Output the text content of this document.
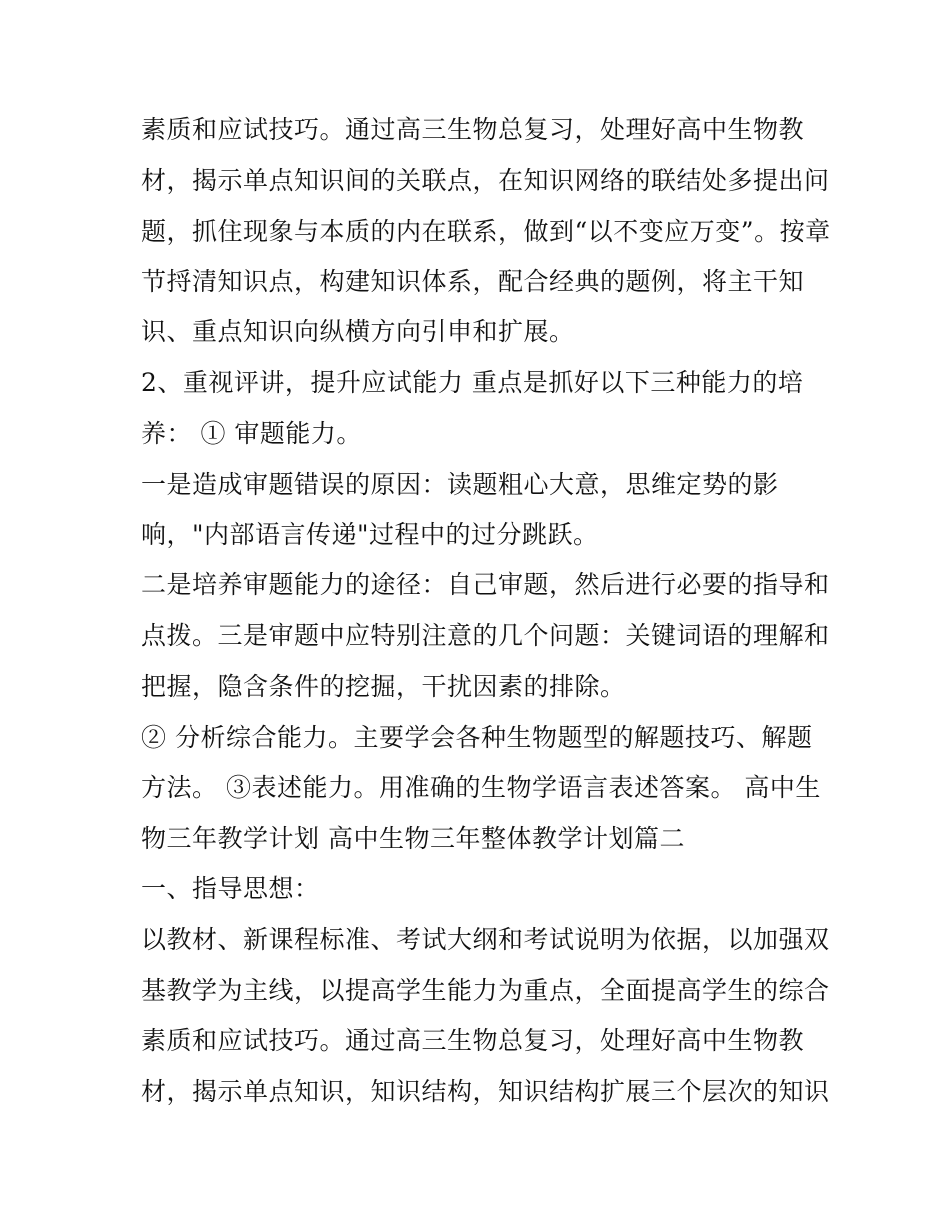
素质和应试技巧。通过高三生物总复习，处理好高中生物教
材，揭示单点知识间的关联点，在知识网络的联结处多提出问
题，抓住现象与本质的内在联系，做到“以不变应万变”。按章
节捋清知识点，构建知识体系，配合经典的题例，将主干知
识、重点知识向纵横方向引申和扩展。
2、重视评讲，提升应试能力 重点是抓好以下三种能力的培
养： ① 审题能力。
一是造成审题错误的原因：读题粗心大意，思维定势的影
响，"内部语言传递"过程中的过分跳跃。
二是培养审题能力的途径：自己审题，然后进行必要的指导和
点拨。三是审题中应特别注意的几个问题：关键词语的理解和
把握，隐含条件的挖掘，干扰因素的排除。
② 分析综合能力。主要学会各种生物题型的解题技巧、解题
方法。 ③表述能力。用准确的生物学语言表述答案。 高中生
物三年教学计划 高中生物三年整体教学计划篇二
一、指导思想：
以教材、新课程标准、考试大纲和考试说明为依据，以加强双
基教学为主线，以提高学生能力为重点，全面提高学生的综合
素质和应试技巧。通过高三生物总复习，处理好高中生物教
材，揭示单点知识，知识结构，知识结构扩展三个层次的知识
